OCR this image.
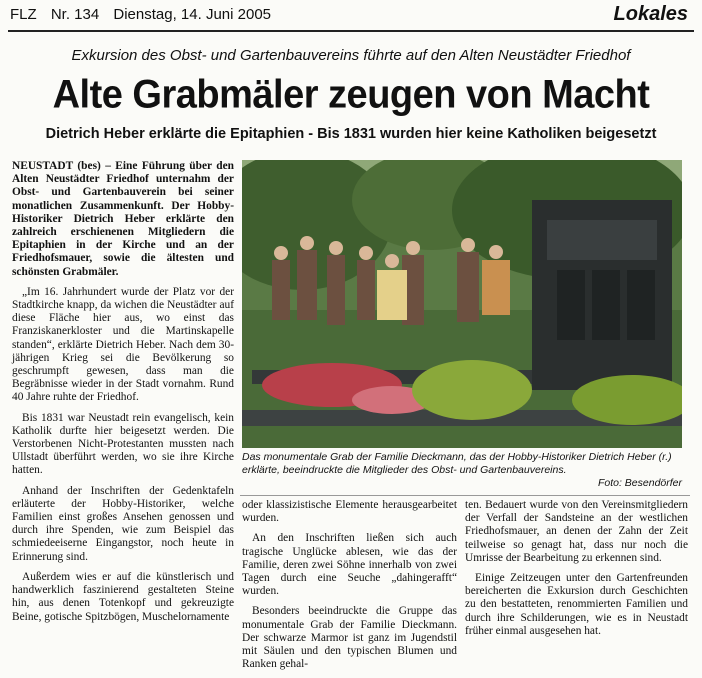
FLZ Nr. 134 Dienstag, 14. Juni 2005	Lokales
Exkursion des Obst- und Gartenbauvereins führte auf den Alten Neustädter Friedhof
Alte Grabmäler zeugen von Macht
Dietrich Heber erklärte die Epitaphien - Bis 1831 wurden hier keine Katholiken beigesetzt

NEUSTADT (bes) – Eine Führung über den Alten Neustädter Friedhof unternahm der Obst- und Gartenbauverein bei seiner monatlichen Zusammenkunft. Der Hobby-Historiker Dietrich Heber erklärte den zahlreich erschienenen Mitgliedern die Epitaphien in der Kirche und an der Friedhofsmauer, sowie die ältesten und schönsten Grabmäler.

„Im 16. Jahrhundert wurde der Platz vor der Stadtkirche knapp, da wichen die Neustädter auf diese Fläche hier aus, wo einst das Franziskanerkloster und die Martinskapelle standen“, erklärte Dietrich Heber. Nach dem 30-jährigen Krieg sei die Bevölkerung so geschrumpft gewesen, dass man die Begräbnisse wieder in der Stadt vornahm. Rund 40 Jahre ruhte der Friedhof.

Bis 1831 war Neustadt rein evangelisch, kein Katholik durfte hier beigesetzt werden. Die Verstorbenen Nicht-Protestanten mussten nach Ullstadt überführt werden, wo sie ihre Kirche hatten.

Anhand der Inschriften der Gedenktafeln erläuterte der Hobby-Historiker, welche Familien einst großes Ansehen genossen und durch ihre Spenden, wie zum Beispiel das schmiedeeiserne Eingangstor, noch heute in Erinnerung sind.

Außerdem wies er auf die künstlerisch und handwerklich faszinierend gestalteten Steine hin, aus denen Totenkopf und gekreuzigte Beine, gotische Spitzbögen, Muschelornamente

Das monumentale Grab der Familie Dieckmann, das der Hobby-Historiker Dietrich Heber (r.) erklärte, beeindruckte die Mitglieder des Obst- und Gartenbauvereins.
Foto: Besendörfer

oder klassizistische Elemente herausgearbeitet wurden.

An den Inschriften ließen sich auch tragische Unglücke ablesen, wie das der Familie, deren zwei Söhne innerhalb von zwei Tagen durch eine Seuche „dahingerafft“ wurden.

Besonders beeindruckte die Gruppe das monumentale Grab der Familie Dieckmann. Der schwarze Marmor ist ganz im Jugendstil mit Säulen und den typischen Blumen und Ranken gehal-

ten. Bedauert wurde von den Vereinsmitgliedern der Verfall der Sandsteine an der westlichen Friedhofsmauer, an denen der Zahn der Zeit teilweise so genagt hat, dass nur noch die Umrisse der Bearbeitung zu erkennen sind.

Einige Zeitzeugen unter den Gartenfreunden bereicherten die Exkursion durch Geschichten zu den bestatteten, renommierten Familien und durch ihre Schilderungen, wie es in Neustadt früher einmal ausgesehen hat.
